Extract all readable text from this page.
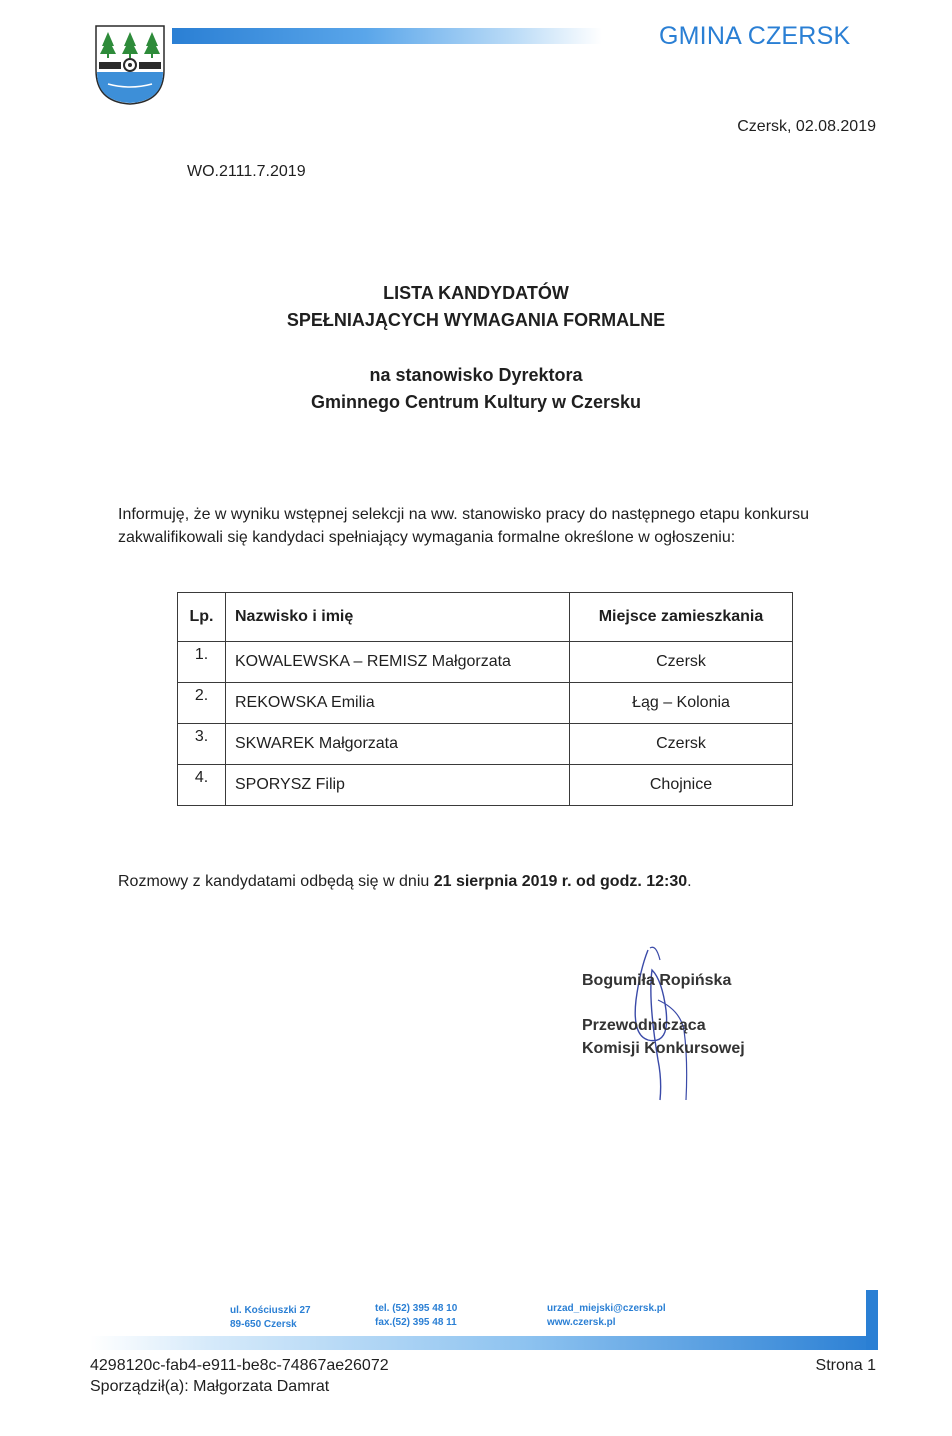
GMINA CZERSK
Czersk, 02.08.2019
WO.2111.7.2019
LISTA KANDYDATÓW
SPEŁNIAJĄCYCH WYMAGANIA FORMALNE
na stanowisko Dyrektora
Gminnego Centrum Kultury w Czersku
Informuję, że w wyniku wstępnej selekcji na ww. stanowisko pracy do następnego etapu konkursu
zakwalifikowali się kandydaci spełniający wymagania formalne określone w ogłoszeniu:
Lp.	Nazwisko i imię	Miejsce zamieszkania
1.	KOWALEWSKA – REMISZ Małgorzata	Czersk
2.	REKOWSKA Emilia	Łąg – Kolonia
3.	SKWAREK Małgorzata	Czersk
4.	SPORYSZ Filip	Chojnice
Rozmowy z kandydatami odbędą się w dniu 21 sierpnia 2019 r. od godz. 12:30.
Bogumiła Ropińska
Przewodnicząca
Komisji Konkursowej
ul. Kościuszki 27
89-650 Czersk
tel. (52) 395 48 10
fax.(52) 395 48 11
urzad_miejski@czersk.pl
www.czersk.pl
4298120c-fab4-e911-be8c-74867ae26072
Sporządził(a): Małgorzata Damrat
Strona 1
